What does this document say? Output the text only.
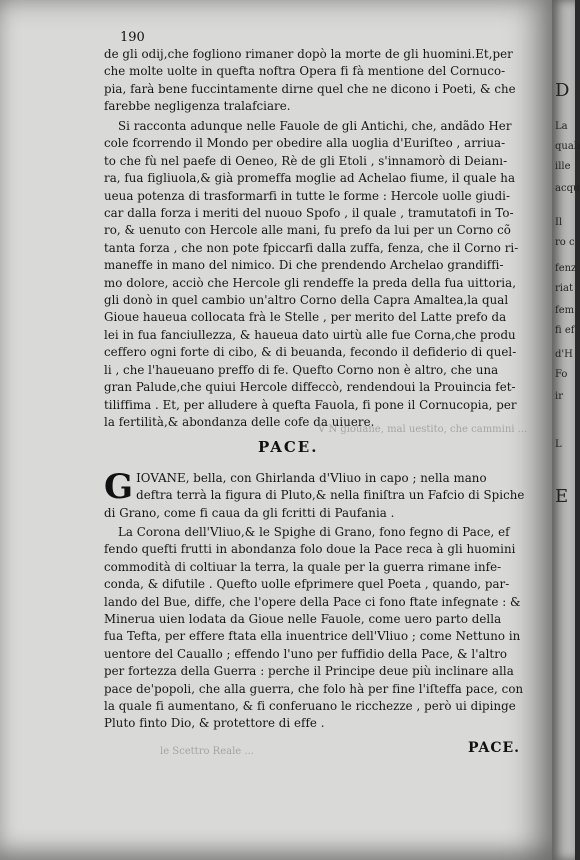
190
de gli odij,che fogliono rimaner dopò la morte de gli huomini.Et,per
che molte uolte in quefta noftra Opera fi fà mentione del Cornuco-
pia, farà bene fuccintamente dirne quel che ne dicono i Poeti, & che
farebbe negligenza tralafciare.
Si racconta adunque nelle Fauole de gli Antichi, che, andãdo Her
cole fcorrendo il Mondo per obedire alla uoglia d'Euriſteo , arriua-
to che fù nel paefe di Oeneo, Rè de gli Etoli , s'innamorò di Deianı-
ra, fua figliuola,& già promeffa moglie ad Achelao fiume, il quale ha
ueua potenza di trasformarfi in tutte le forme : Hercole uolle giudi-
car dalla forza i meriti del nuouo Spofo , il quale , tramutatofi in To-
ro, & uenuto con Hercole alle mani, fu prefo da lui per un Corno cõ
tanta forza , che non pote fpiccarfi dalla zuffa, fenza, che il Corno ri-
maneffe in mano del nimico. Di che prendendo Archelao grandiffi-
mo dolore, acciò che Hercole gli rendeffe la preda della fua uittoria,
gli donò in quel cambio un'altro Corno della Capra Amaltea,la qual
Gioue haueua collocata frà le Stelle , per merito del Latte prefo da
lei in fua fanciullezza, & haueua dato uirtù alle fue Corna,che produ
ceffero ogni forte di cibo, & di beuanda, fecondo il defiderio di quel-
li , che l'haueuano preffo di fe. Quefto Corno non è altro, che una
gran Palude,che quiui Hercole diffeccò, rendendoui la Prouincia fet-
tiliffima . Et, per alludere à quefta Fauola, fi pone il Cornucopia, per
la fertilità,& abondanza delle cofe da uiuere.
V N giouane, mal uestito, che cammini ...
PACE.
G IOVANE, bella, con Ghirlanda d'Vliuo in capo ; nella mano
deftra terrà la figura di Pluto,& nella finiſtra un Fafcio di Spiche
di Grano, come fi caua da gli fcritti di Paufania .
La Corona dell'Vliuo,& le Spighe di Grano, fono fegno di Pace, ef
fendo quefti frutti in abondanza folo doue la Pace reca à gli huomini
commodità di coltiuar la terra, la quale per la guerra rimane infe-
conda, & difutile . Quefto uolle efprimere quel Poeta , quando, par-
lando del Bue, diffe, che l'opere della Pace ci fono ftate infegnate : &
Minerua uien lodata da Gioue nelle Fauole, come uero parto della
fua Tefta, per effere ftata ella inuentrice dell'Vliuo ; come Nettuno in
uentore del Cauallo ; effendo l'uno per fuffidio della Pace, & l'altro
per fortezza della Guerra : perche il Principe deue più inclinare alla
pace de'popoli, che alla guerra, che folo hà per fine l'iſteffa pace, con
la quale fi aumentano, & fi conferuano le ricchezze , però ui dipinge
Pluto finto Dio, & protettore di effe .
le Scettro Reale ...	PACE.
D
La
quali
ille
acqu
Il
ro c
fenz
riat
fem
fi ef
d'H
Fo
ir
L
E
